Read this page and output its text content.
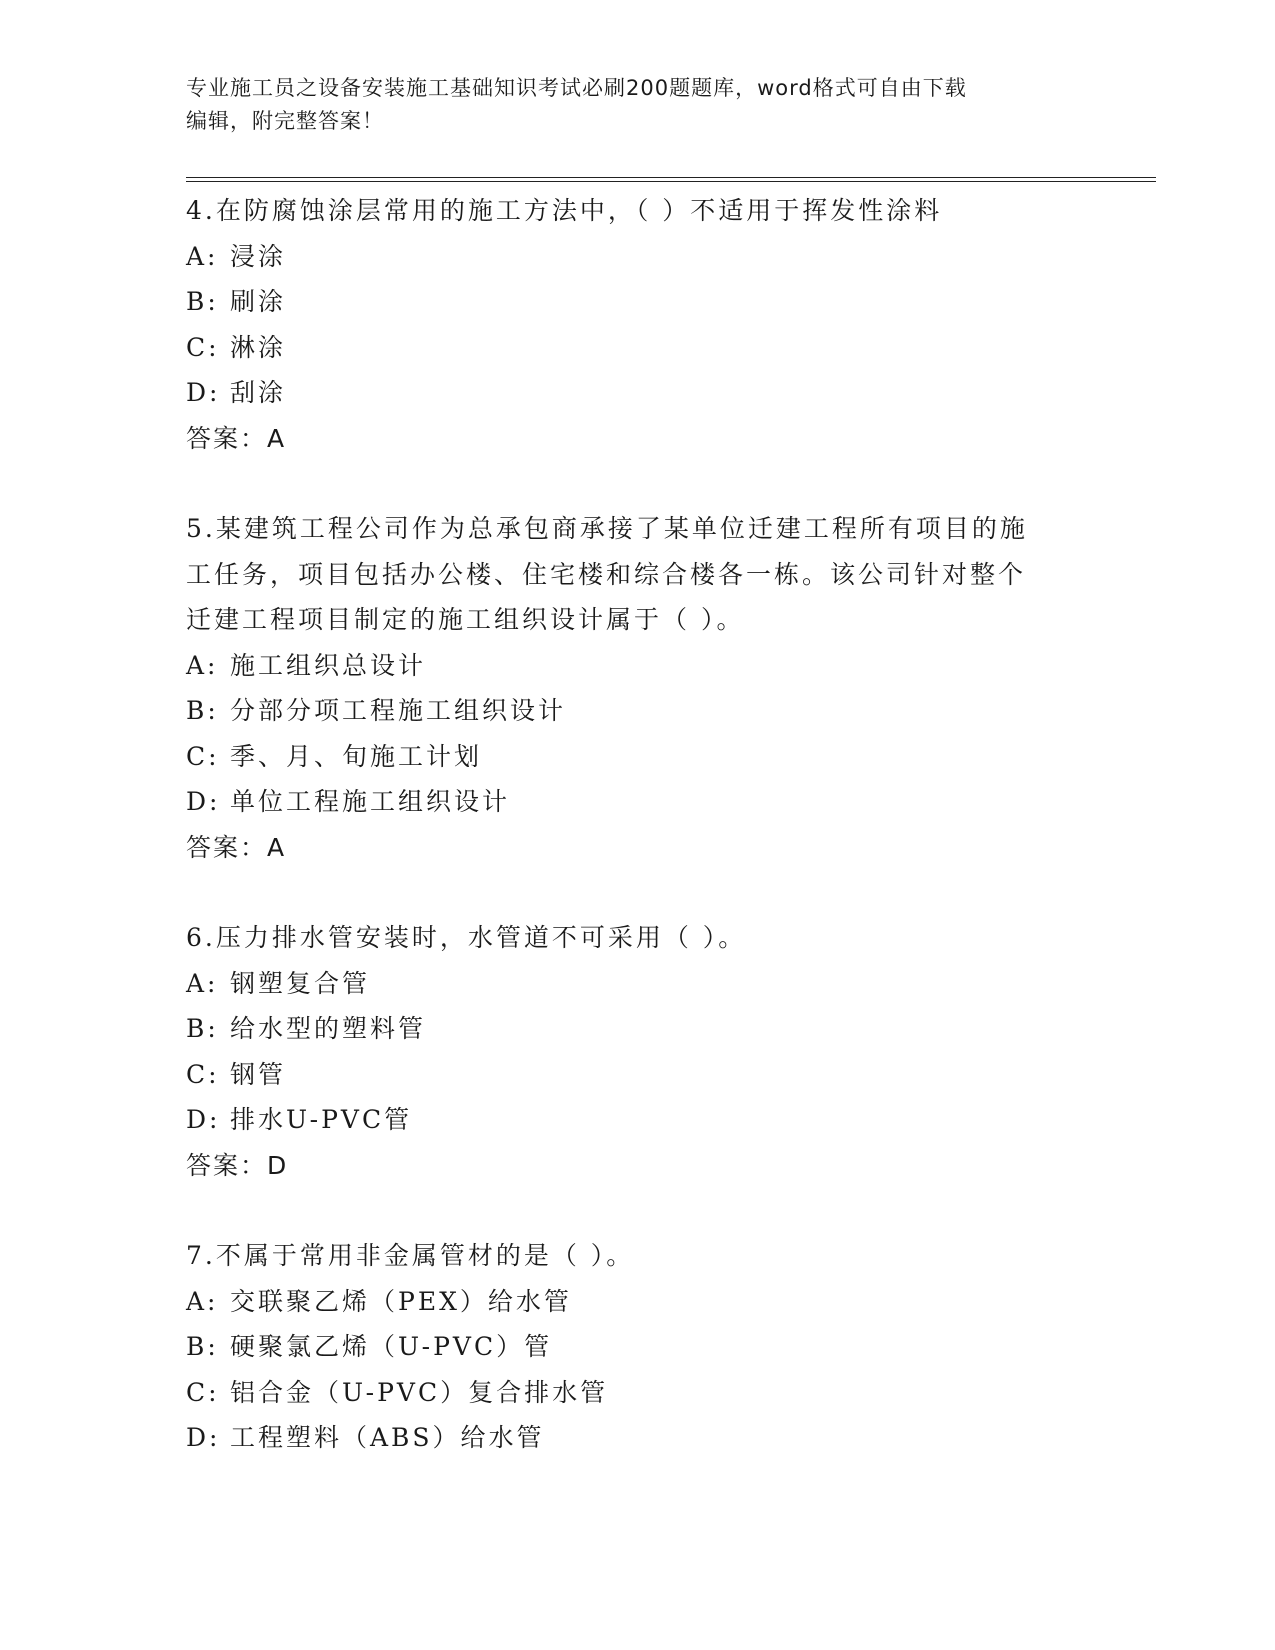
专业施工员之设备安装施工基础知识考试必刷200题题库，word格式可自由下载
编辑，附完整答案！

4.在防腐蚀涂层常用的施工方法中，（ ）不适用于挥发性涂料

A: 浸涂

B: 刷涂

C: 淋涂

D: 刮涂

答案：A

5.某建筑工程公司作为总承包商承接了某单位迁建工程所有项目的施

工任务，项目包括办公楼、住宅楼和综合楼各一栋。该公司针对整个

迁建工程项目制定的施工组织设计属于（ ）。

A: 施工组织总设计

B: 分部分项工程施工组织设计

C: 季、月、旬施工计划

D: 单位工程施工组织设计

答案：A

6.压力排水管安装时，水管道不可采用（ ）。

A: 钢塑复合管

B: 给水型的塑料管

C: 钢管

D: 排水U-PVC管

答案：D

7.不属于常用非金属管材的是（ ）。

A: 交联聚乙烯（PEX）给水管

B: 硬聚氯乙烯（U-PVC）管

C: 铝合金（U-PVC）复合排水管

D: 工程塑料（ABS）给水管
